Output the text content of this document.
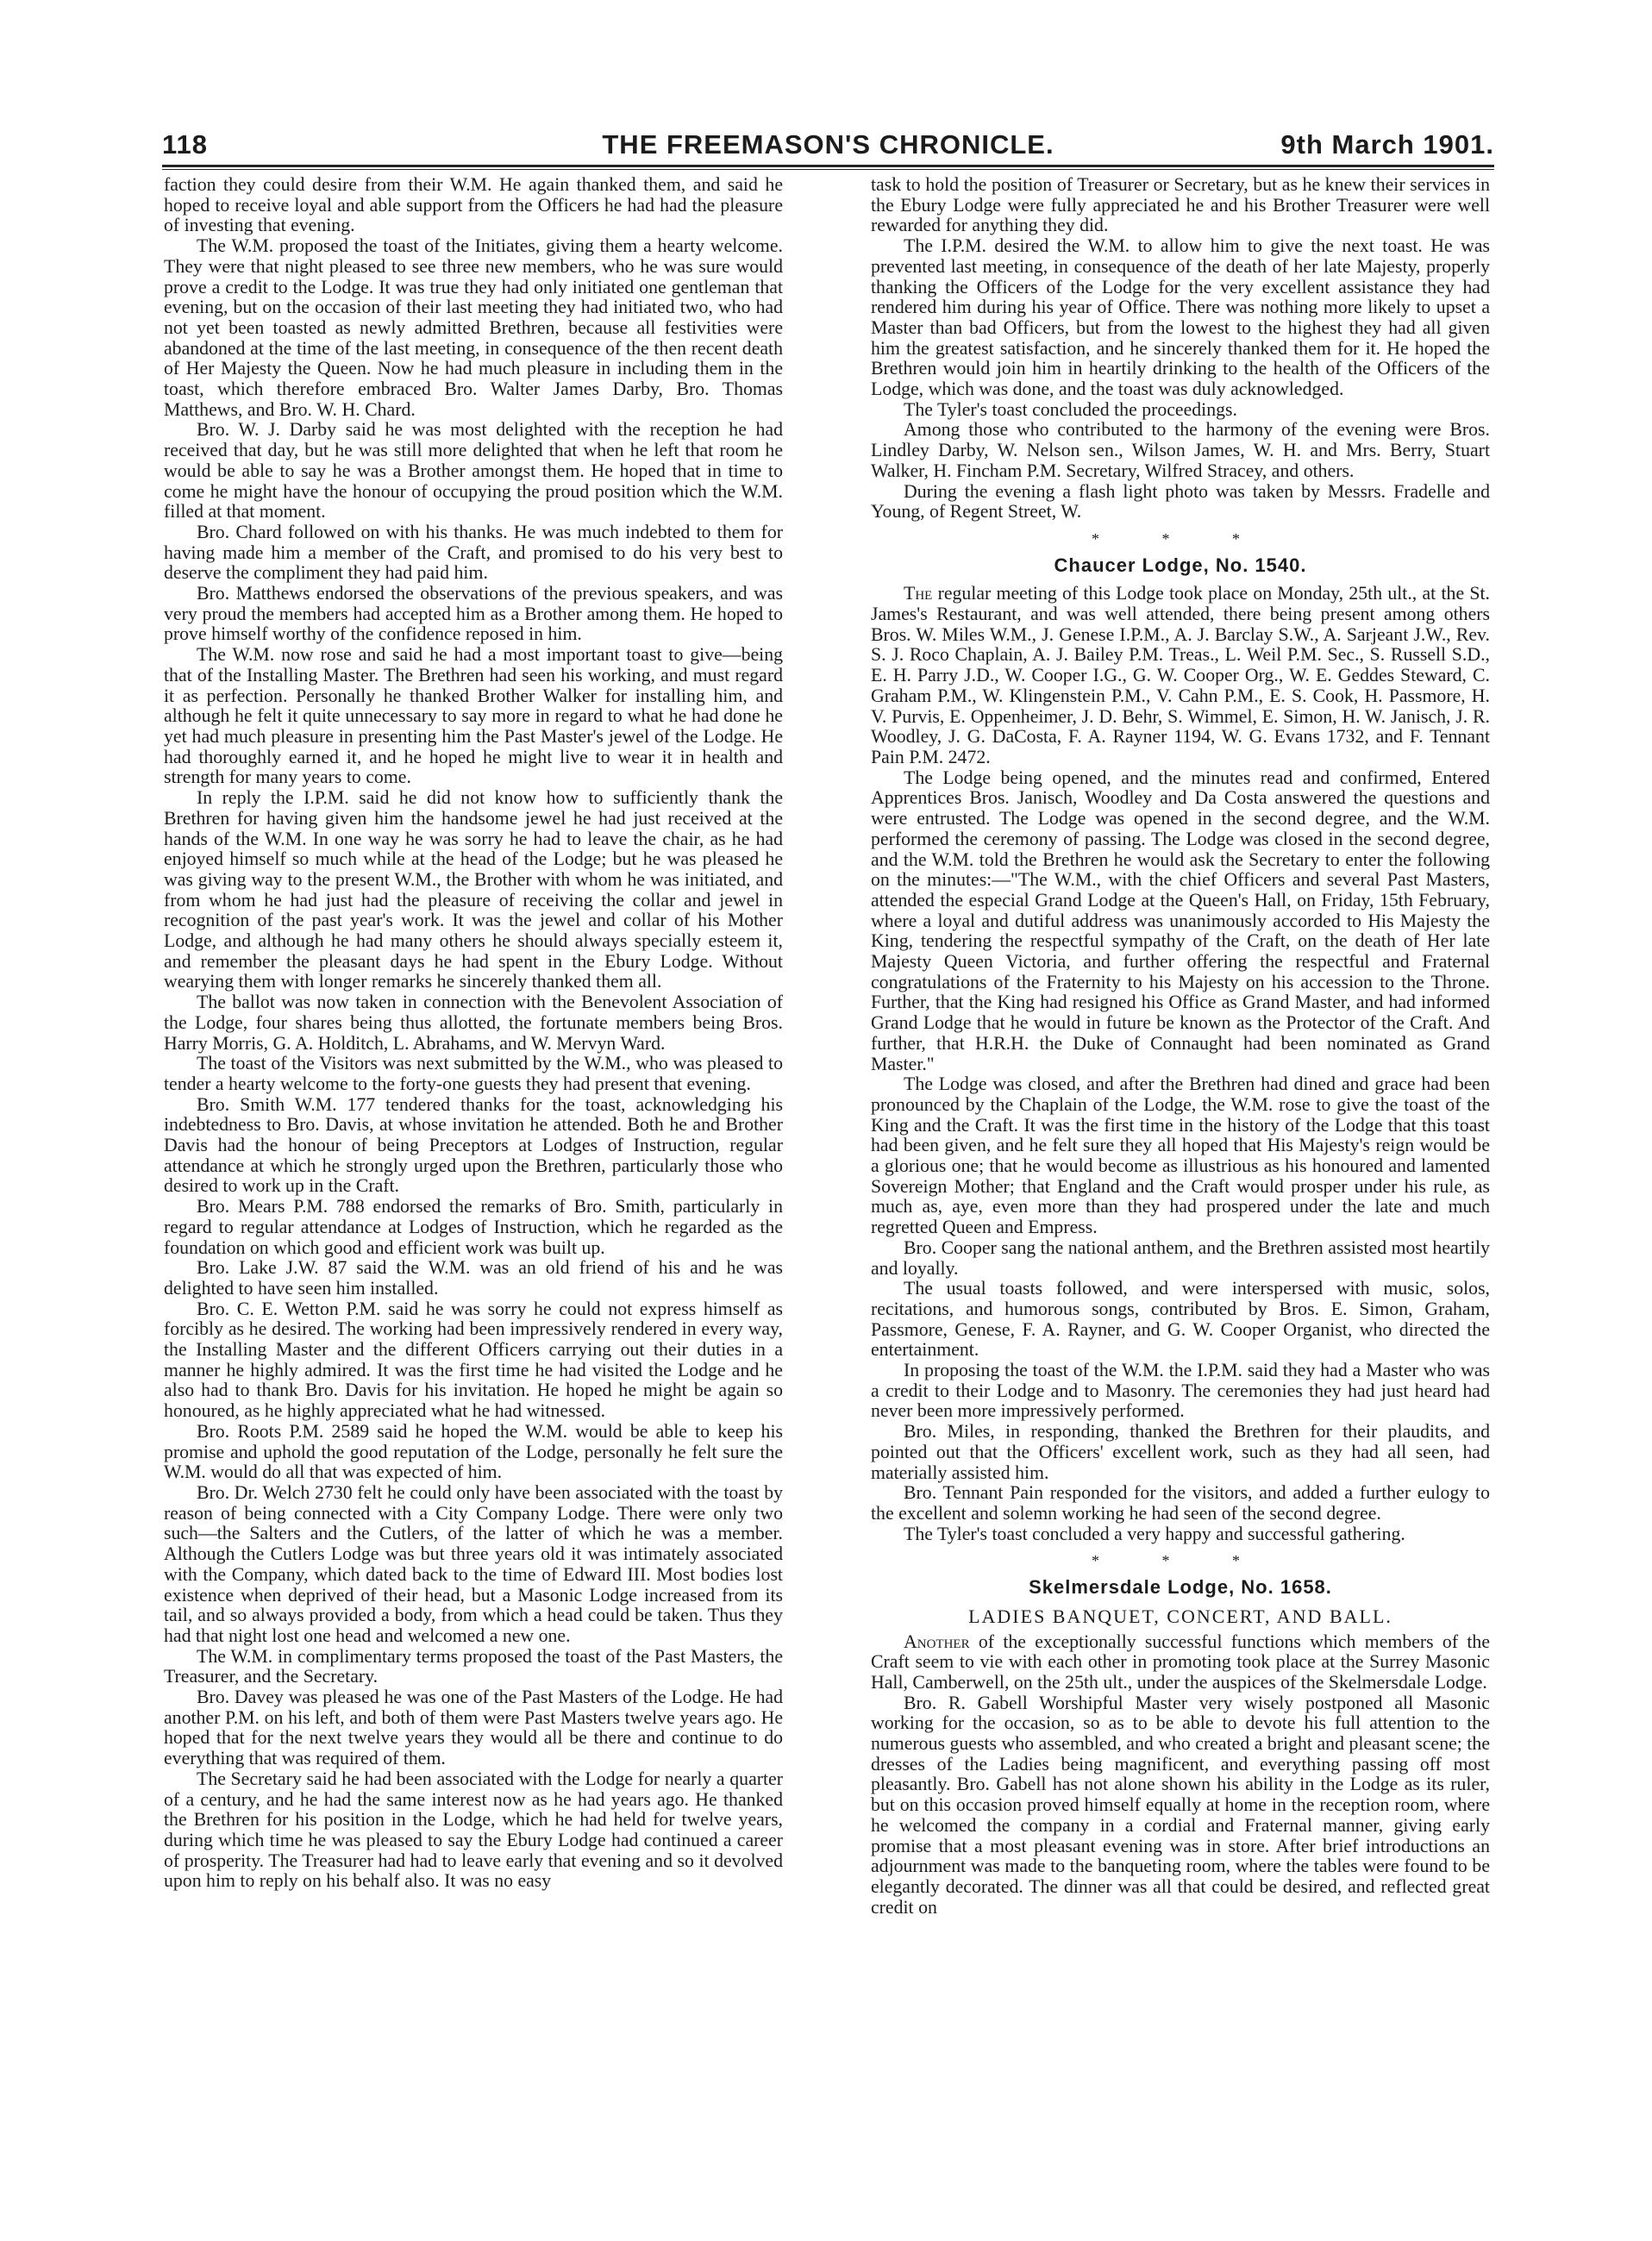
118	THE FREEMASON'S CHRONICLE.	9th March 1901.

faction they could desire from their W.M. He again thanked them, and said he hoped to receive loyal and able support from the Officers he had had the pleasure of investing that evening.

The W.M. proposed the toast of the Initiates, giving them a hearty welcome. They were that night pleased to see three new members, who he was sure would prove a credit to the Lodge. It was true they had only initiated one gentleman that evening, but on the occasion of their last meeting they had initiated two, who had not yet been toasted as newly admitted Brethren, because all festivities were abandoned at the time of the last meeting, in consequence of the then recent death of Her Majesty the Queen. Now he had much pleasure in including them in the toast, which therefore embraced Bro. Walter James Darby, Bro. Thomas Matthews, and Bro. W. H. Chard.

Bro. W. J. Darby said he was most delighted with the reception he had received that day, but he was still more delighted that when he left that room he would be able to say he was a Brother amongst them. He hoped that in time to come he might have the honour of occupying the proud position which the W.M. filled at that moment.

Bro. Chard followed on with his thanks. He was much indebted to them for having made him a member of the Craft, and promised to do his very best to deserve the compliment they had paid him.

Bro. Matthews endorsed the observations of the previous speakers, and was very proud the members had accepted him as a Brother among them. He hoped to prove himself worthy of the confidence reposed in him.

The W.M. now rose and said he had a most important toast to give—being that of the Installing Master. The Brethren had seen his working, and must regard it as perfection. Personally he thanked Brother Walker for installing him, and although he felt it quite unnecessary to say more in regard to what he had done he yet had much pleasure in presenting him the Past Master's jewel of the Lodge. He had thoroughly earned it, and he hoped he might live to wear it in health and strength for many years to come.

In reply the I.P.M. said he did not know how to sufficiently thank the Brethren for having given him the handsome jewel he had just received at the hands of the W.M. In one way he was sorry he had to leave the chair, as he had enjoyed himself so much while at the head of the Lodge; but he was pleased he was giving way to the present W.M., the Brother with whom he was initiated, and from whom he had just had the pleasure of receiving the collar and jewel in recognition of the past year's work. It was the jewel and collar of his Mother Lodge, and although he had many others he should always specially esteem it, and remember the pleasant days he had spent in the Ebury Lodge. Without wearying them with longer remarks he sincerely thanked them all.

The ballot was now taken in connection with the Benevolent Association of the Lodge, four shares being thus allotted, the fortunate members being Bros. Harry Morris, G. A. Holditch, L. Abrahams, and W. Mervyn Ward.

The toast of the Visitors was next submitted by the W.M., who was pleased to tender a hearty welcome to the forty-one guests they had present that evening.

Bro. Smith W.M. 177 tendered thanks for the toast, acknowledging his indebtedness to Bro. Davis, at whose invitation he attended. Both he and Brother Davis had the honour of being Preceptors at Lodges of Instruction, regular attendance at which he strongly urged upon the Brethren, particularly those who desired to work up in the Craft.

Bro. Mears P.M. 788 endorsed the remarks of Bro. Smith, particularly in regard to regular attendance at Lodges of Instruction, which he regarded as the foundation on which good and efficient work was built up.

Bro. Lake J.W. 87 said the W.M. was an old friend of his and he was delighted to have seen him installed.

Bro. C. E. Wetton P.M. said he was sorry he could not express himself as forcibly as he desired. The working had been impressively rendered in every way, the Installing Master and the different Officers carrying out their duties in a manner he highly admired. It was the first time he had visited the Lodge and he also had to thank Bro. Davis for his invitation. He hoped he might be again so honoured, as he highly appreciated what he had witnessed.

Bro. Roots P.M. 2589 said he hoped the W.M. would be able to keep his promise and uphold the good reputation of the Lodge, personally he felt sure the W.M. would do all that was expected of him.

Bro. Dr. Welch 2730 felt he could only have been associated with the toast by reason of being connected with a City Company Lodge. There were only two such—the Salters and the Cutlers, of the latter of which he was a member. Although the Cutlers Lodge was but three years old it was intimately associated with the Company, which dated back to the time of Edward III. Most bodies lost existence when deprived of their head, but a Masonic Lodge increased from its tail, and so always provided a body, from which a head could be taken. Thus they had that night lost one head and welcomed a new one.

The W.M. in complimentary terms proposed the toast of the Past Masters, the Treasurer, and the Secretary.

Bro. Davey was pleased he was one of the Past Masters of the Lodge. He had another P.M. on his left, and both of them were Past Masters twelve years ago. He hoped that for the next twelve years they would all be there and continue to do everything that was required of them.

The Secretary said he had been associated with the Lodge for nearly a quarter of a century, and he had the same interest now as he had years ago. He thanked the Brethren for his position in the Lodge, which he had held for twelve years, during which time he was pleased to say the Ebury Lodge had continued a career of prosperity. The Treasurer had had to leave early that evening and so it devolved upon him to reply on his behalf also. It was no easy

task to hold the position of Treasurer or Secretary, but as he knew their services in the Ebury Lodge were fully appreciated he and his Brother Treasurer were well rewarded for anything they did.

The I.P.M. desired the W.M. to allow him to give the next toast. He was prevented last meeting, in consequence of the death of her late Majesty, properly thanking the Officers of the Lodge for the very excellent assistance they had rendered him during his year of Office. There was nothing more likely to upset a Master than bad Officers, but from the lowest to the highest they had all given him the greatest satisfaction, and he sincerely thanked them for it. He hoped the Brethren would join him in heartily drinking to the health of the Officers of the Lodge, which was done, and the toast was duly acknowledged.

The Tyler's toast concluded the proceedings.

Among those who contributed to the harmony of the evening were Bros. Lindley Darby, W. Nelson sen., Wilson James, W. H. and Mrs. Berry, Stuart Walker, H. Fincham P.M. Secretary, Wilfred Stracey, and others.

During the evening a flash light photo was taken by Messrs. Fradelle and Young, of Regent Street, W.

* * *
Chaucer Lodge, No. 1540.

The regular meeting of this Lodge took place on Monday, 25th ult., at the St. James's Restaurant, and was well attended, there being present among others Bros. W. Miles W.M., J. Genese I.P.M., A. J. Barclay S.W., A. Sarjeant J.W., Rev. S. J. Roco Chaplain, A. J. Bailey P.M. Treas., L. Weil P.M. Sec., S. Russell S.D., E. H. Parry J.D., W. Cooper I.G., G. W. Cooper Org., W. E. Geddes Steward, C. Graham P.M., W. Klingenstein P.M., V. Cahn P.M., E. S. Cook, H. Passmore, H. V. Purvis, E. Oppenheimer, J. D. Behr, S. Wimmel, E. Simon, H. W. Janisch, J. R. Woodley, J. G. DaCosta, F. A. Rayner 1194, W. G. Evans 1732, and F. Tennant Pain P.M. 2472.

The Lodge being opened, and the minutes read and confirmed, Entered Apprentices Bros. Janisch, Woodley and Da Costa answered the questions and were entrusted. The Lodge was opened in the second degree, and the W.M. performed the ceremony of passing. The Lodge was closed in the second degree, and the W.M. told the Brethren he would ask the Secretary to enter the following on the minutes:—"The W.M., with the chief Officers and several Past Masters, attended the especial Grand Lodge at the Queen's Hall, on Friday, 15th February, where a loyal and dutiful address was unanimously accorded to His Majesty the King, tendering the respectful sympathy of the Craft, on the death of Her late Majesty Queen Victoria, and further offering the respectful and Fraternal congratulations of the Fraternity to his Majesty on his accession to the Throne. Further, that the King had resigned his Office as Grand Master, and had informed Grand Lodge that he would in future be known as the Protector of the Craft. And further, that H.R.H. the Duke of Connaught had been nominated as Grand Master."

The Lodge was closed, and after the Brethren had dined and grace had been pronounced by the Chaplain of the Lodge, the W.M. rose to give the toast of the King and the Craft. It was the first time in the history of the Lodge that this toast had been given, and he felt sure they all hoped that His Majesty's reign would be a glorious one; that he would become as illustrious as his honoured and lamented Sovereign Mother; that England and the Craft would prosper under his rule, as much as, aye, even more than they had prospered under the late and much regretted Queen and Empress.

Bro. Cooper sang the national anthem, and the Brethren assisted most heartily and loyally.

The usual toasts followed, and were interspersed with music, solos, recitations, and humorous songs, contributed by Bros. E. Simon, Graham, Passmore, Genese, F. A. Rayner, and G. W. Cooper Organist, who directed the entertainment.

In proposing the toast of the W.M. the I.P.M. said they had a Master who was a credit to their Lodge and to Masonry. The ceremonies they had just heard had never been more impressively performed.

Bro. Miles, in responding, thanked the Brethren for their plaudits, and pointed out that the Officers' excellent work, such as they had all seen, had materially assisted him.

Bro. Tennant Pain responded for the visitors, and added a further eulogy to the excellent and solemn working he had seen of the second degree.

The Tyler's toast concluded a very happy and successful gathering.

* * *
Skelmersdale Lodge, No. 1658.
LADIES BANQUET, CONCERT, AND BALL.

Another of the exceptionally successful functions which members of the Craft seem to vie with each other in promoting took place at the Surrey Masonic Hall, Camberwell, on the 25th ult., under the auspices of the Skelmersdale Lodge.

Bro. R. Gabell Worshipful Master very wisely postponed all Masonic working for the occasion, so as to be able to devote his full attention to the numerous guests who assembled, and who created a bright and pleasant scene; the dresses of the Ladies being magnificent, and everything passing off most pleasantly. Bro. Gabell has not alone shown his ability in the Lodge as its ruler, but on this occasion proved himself equally at home in the reception room, where he welcomed the company in a cordial and Fraternal manner, giving early promise that a most pleasant evening was in store. After brief introductions an adjournment was made to the banqueting room, where the tables were found to be elegantly decorated. The dinner was all that could be desired, and reflected great credit on
